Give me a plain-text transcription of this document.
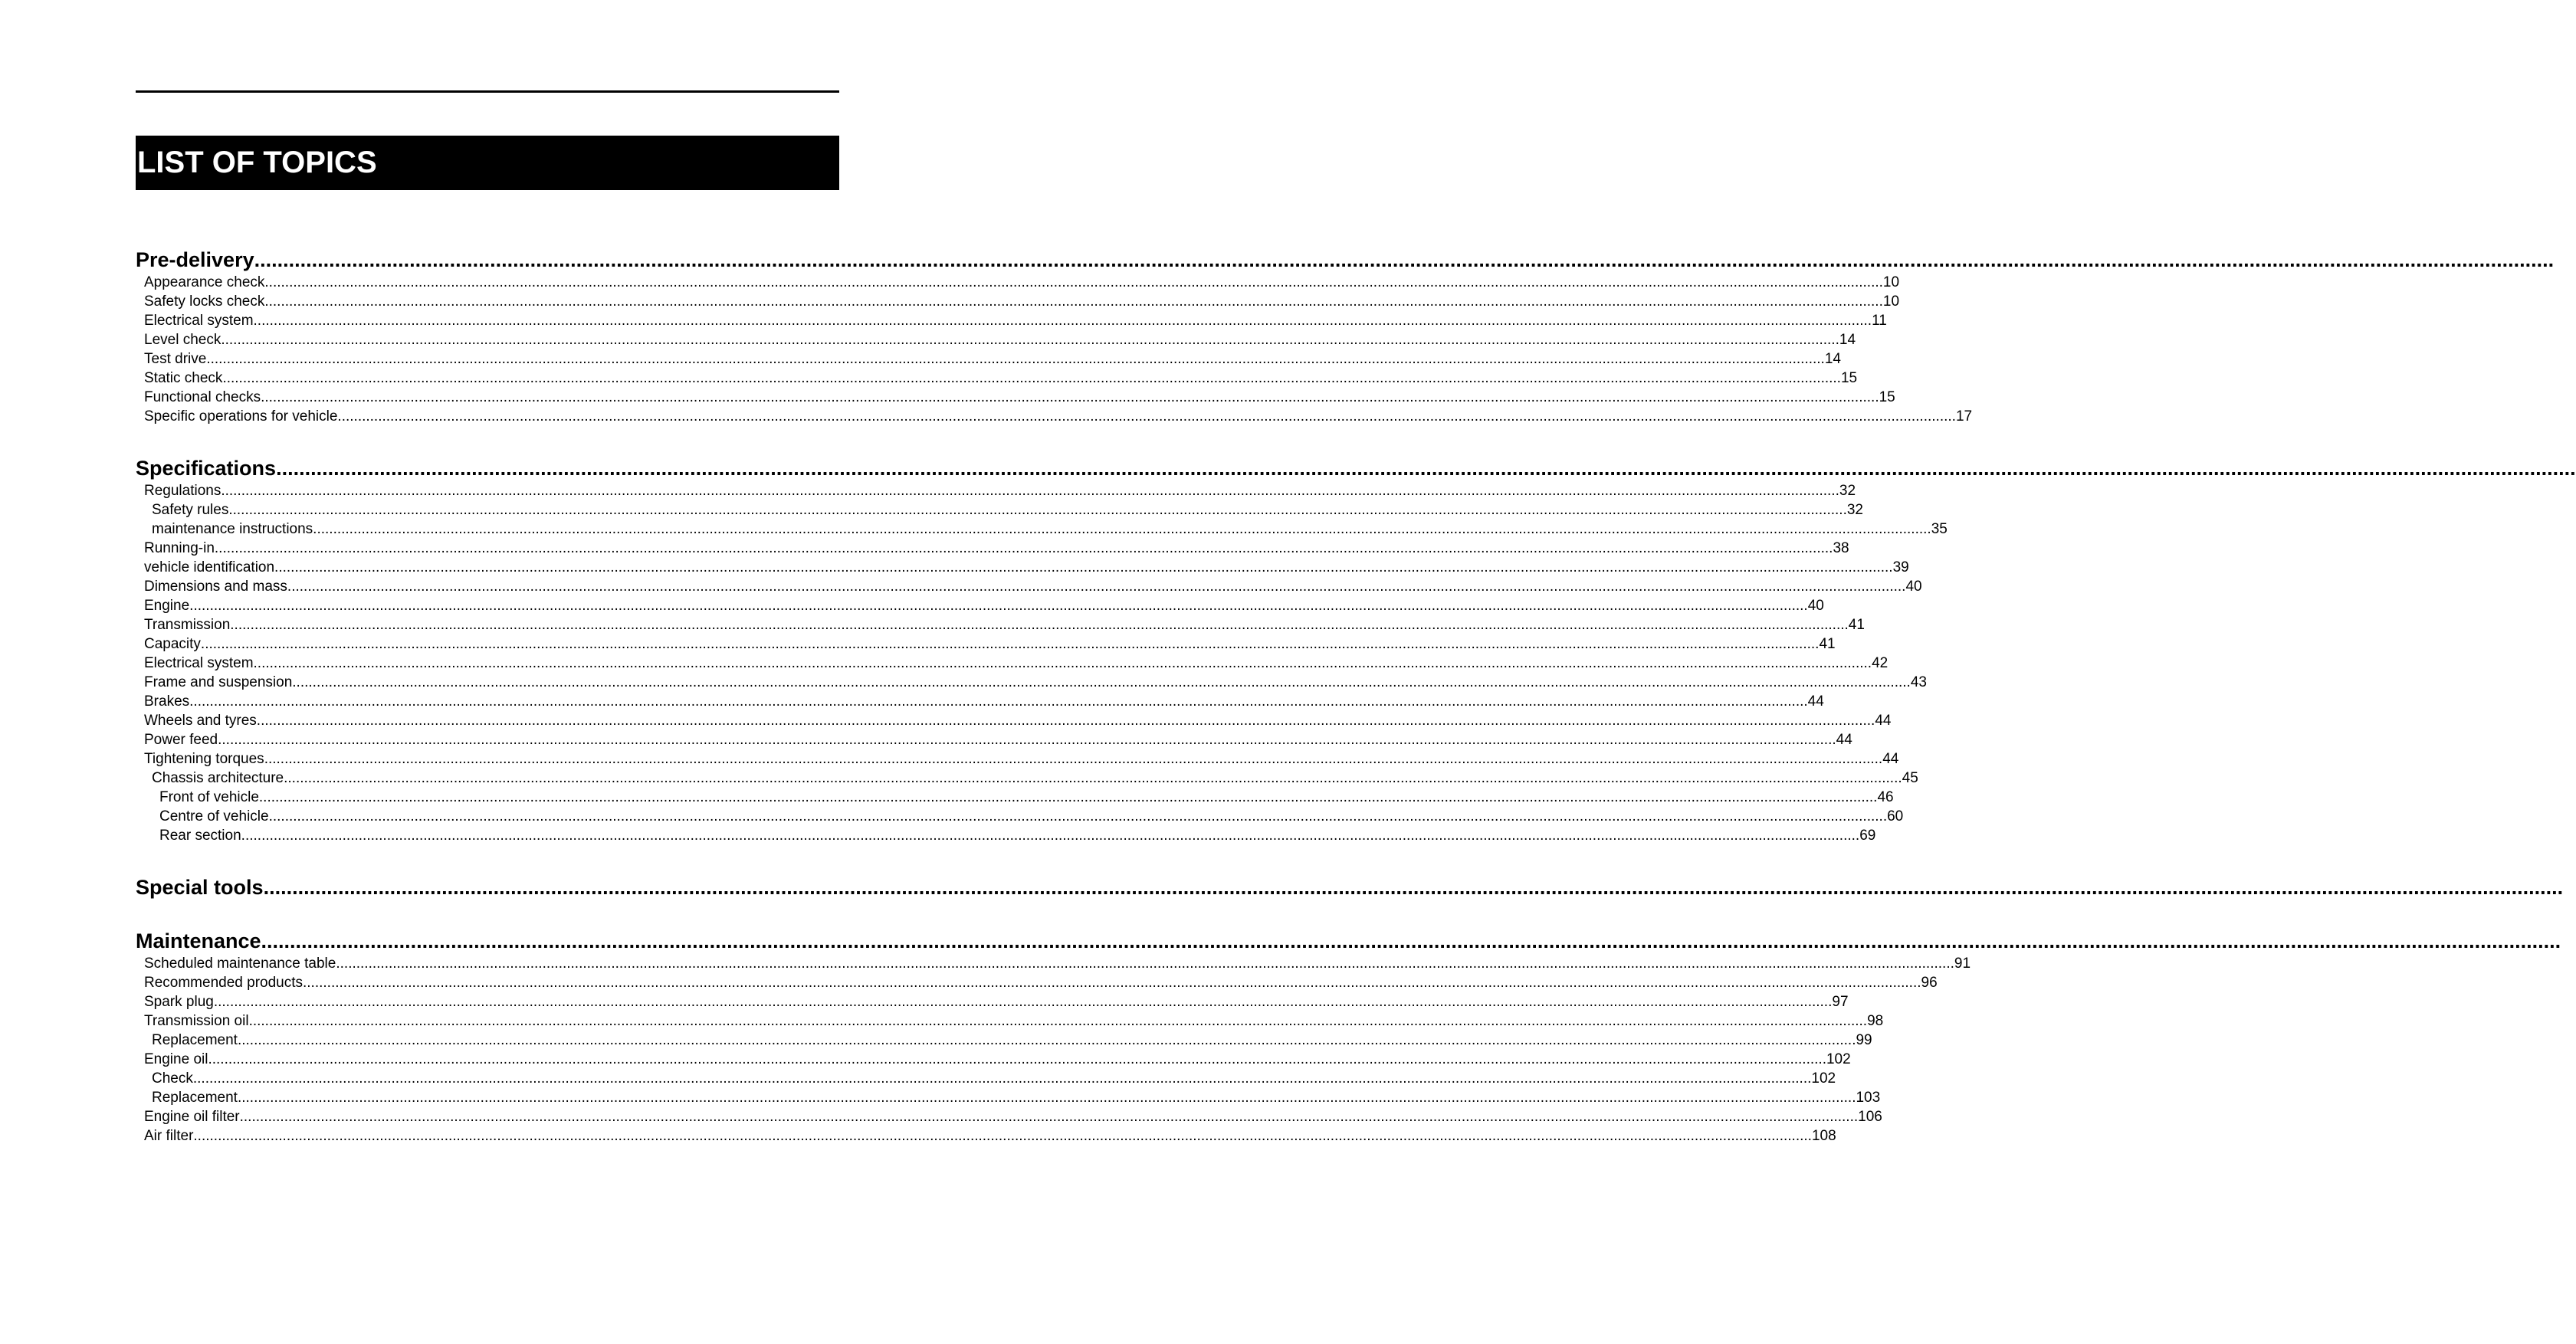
LIST OF TOPICS
Pre-delivery ................................................................................................................................................................................................................................................................................................................................................................................................................
Appearance check ................................................................................................................................................................................................................................................................................................................................................................................................................ 10
Safety locks check ................................................................................................................................................................................................................................................................................................................................................................................................................ 10
Electrical system ................................................................................................................................................................................................................................................................................................................................................................................................................ 11
Level check ................................................................................................................................................................................................................................................................................................................................................................................................................ 14
Test drive ................................................................................................................................................................................................................................................................................................................................................................................................................ 14
Static check ................................................................................................................................................................................................................................................................................................................................................................................................................ 15
Functional checks ................................................................................................................................................................................................................................................................................................................................................................................................................ 15
Specific operations for vehicle ................................................................................................................................................................................................................................................................................................................................................................................................................ 17
Specifications ................................................................................................................................................................................................................................................................................................................................................................................................................
Regulations ................................................................................................................................................................................................................................................................................................................................................................................................................ 32
Safety rules ................................................................................................................................................................................................................................................................................................................................................................................................................ 32
maintenance instructions ................................................................................................................................................................................................................................................................................................................................................................................................................ 35
Running-in ................................................................................................................................................................................................................................................................................................................................................................................................................ 38
vehicle identification ................................................................................................................................................................................................................................................................................................................................................................................................................ 39
Dimensions and mass ................................................................................................................................................................................................................................................................................................................................................................................................................ 40
Engine ................................................................................................................................................................................................................................................................................................................................................................................................................ 40
Transmission ................................................................................................................................................................................................................................................................................................................................................................................................................ 41
Capacity ................................................................................................................................................................................................................................................................................................................................................................................................................ 41
Electrical system ................................................................................................................................................................................................................................................................................................................................................................................................................ 42
Frame and suspension ................................................................................................................................................................................................................................................................................................................................................................................................................ 43
Brakes ................................................................................................................................................................................................................................................................................................................................................................................................................ 44
Wheels and tyres ................................................................................................................................................................................................................................................................................................................................................................................................................ 44
Power feed ................................................................................................................................................................................................................................................................................................................................................................................................................ 44
Tightening torques ................................................................................................................................................................................................................................................................................................................................................................................................................ 44
Chassis architecture ................................................................................................................................................................................................................................................................................................................................................................................................................ 45
Front of vehicle ................................................................................................................................................................................................................................................................................................................................................................................................................ 46
Centre of vehicle ................................................................................................................................................................................................................................................................................................................................................................................................................ 60
Rear section ................................................................................................................................................................................................................................................................................................................................................................................................................ 69
Special tools ................................................................................................................................................................................................................................................................................................................................................................................................................
Maintenance ................................................................................................................................................................................................................................................................................................................................................................................................................
Scheduled maintenance table ................................................................................................................................................................................................................................................................................................................................................................................................................ 91
Recommended products ................................................................................................................................................................................................................................................................................................................................................................................................................ 96
Spark plug ................................................................................................................................................................................................................................................................................................................................................................................................................ 97
Transmission oil ................................................................................................................................................................................................................................................................................................................................................................................................................ 98
Replacement ................................................................................................................................................................................................................................................................................................................................................................................................................ 99
Engine oil ................................................................................................................................................................................................................................................................................................................................................................................................................ 102
Check ................................................................................................................................................................................................................................................................................................................................................................................................................ 102
Replacement ................................................................................................................................................................................................................................................................................................................................................................................................................ 103
Engine oil filter ................................................................................................................................................................................................................................................................................................................................................................................................................ 106
Air filter ................................................................................................................................................................................................................................................................................................................................................................................................................ 108
